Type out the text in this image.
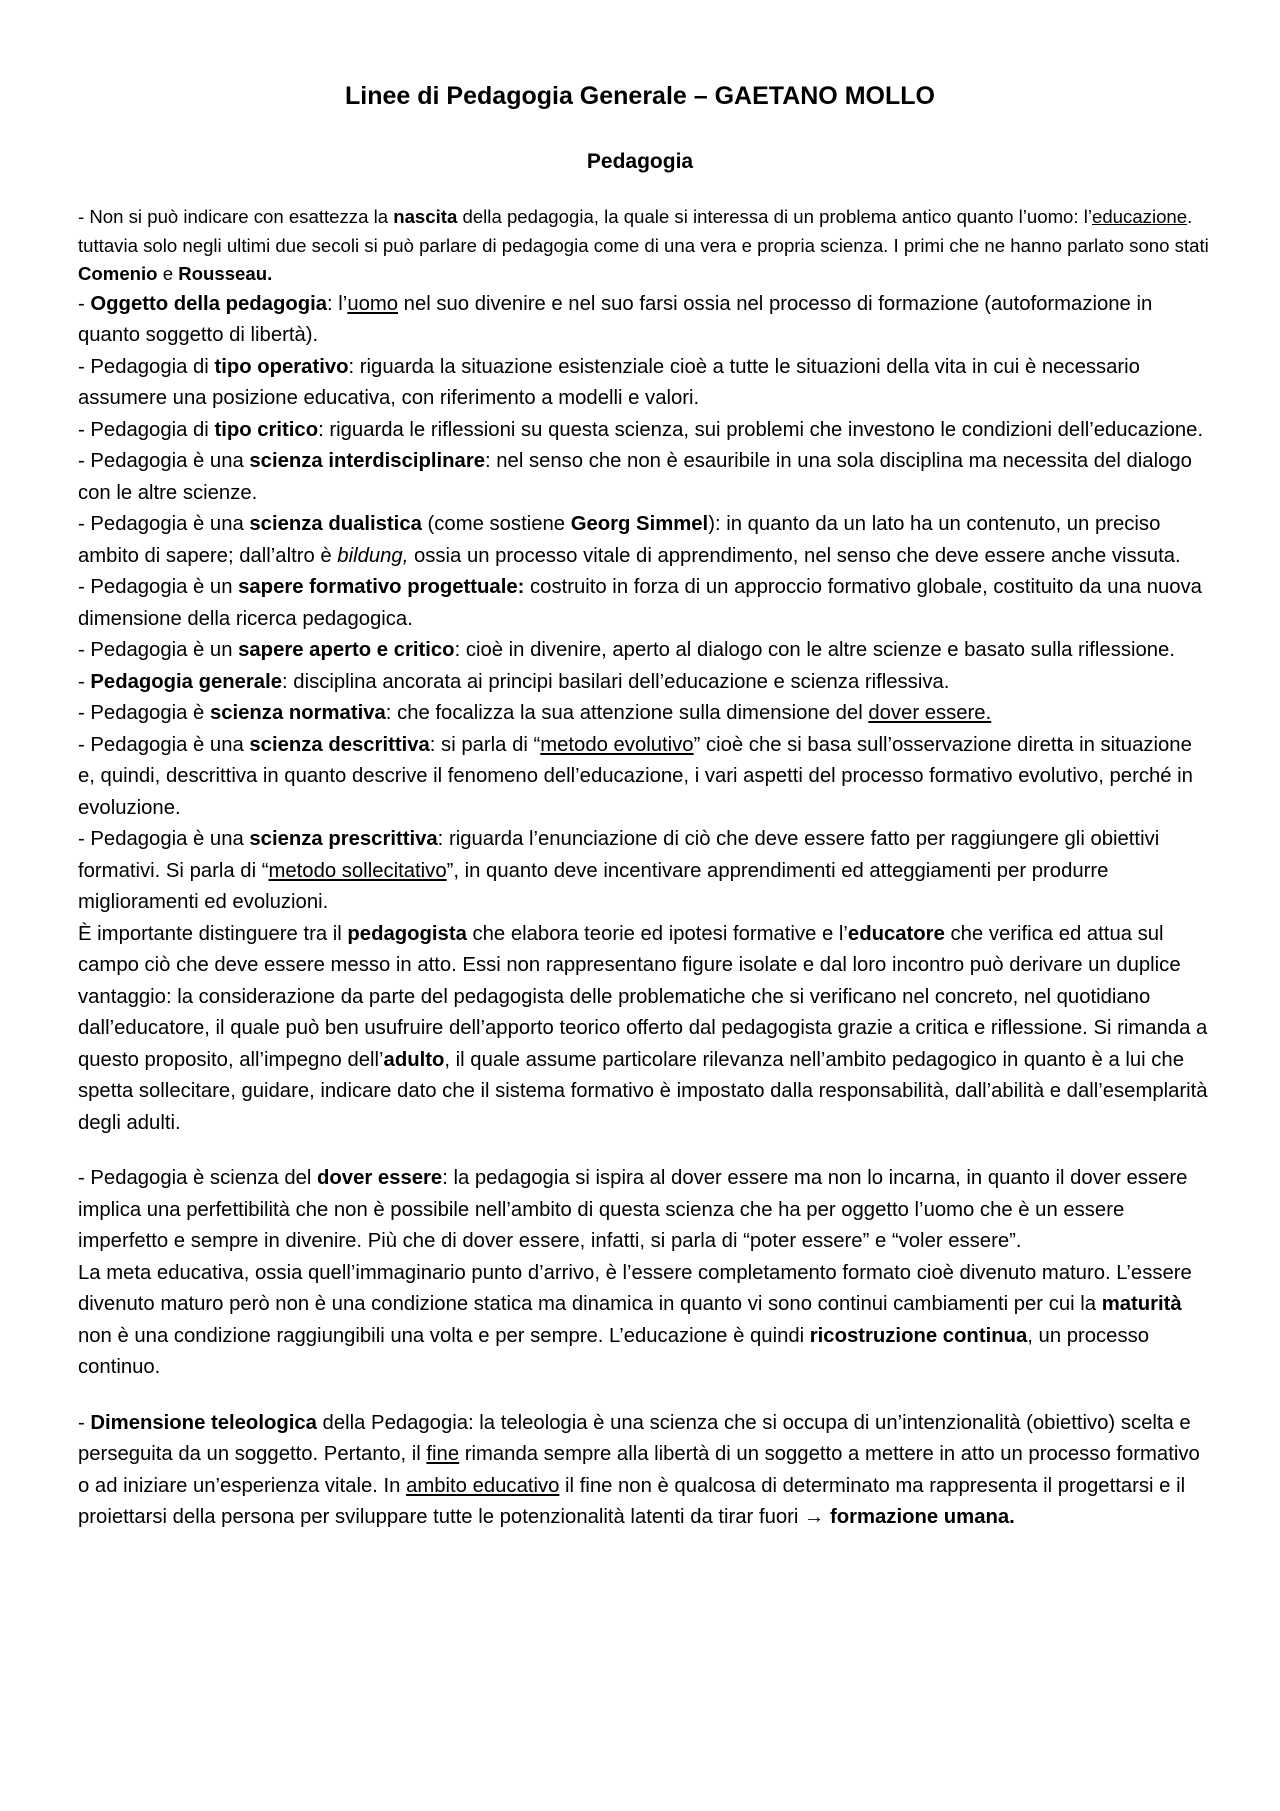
Linee di Pedagogia Generale – GAETANO MOLLO
Pedagogia

- Non si può indicare con esattezza la nascita della pedagogia, la quale si interessa di un problema antico quanto l’uomo: l’educazione. tuttavia solo negli ultimi due secoli si può parlare di pedagogia come di una vera e propria scienza. I primi che ne hanno parlato sono stati Comenio e Rousseau.

- Oggetto della pedagogia: l’uomo nel suo divenire e nel suo farsi ossia nel processo di formazione (autoformazione in quanto soggetto di libertà).

- Pedagogia di tipo operativo: riguarda la situazione esistenziale cioè a tutte le situazioni della vita in cui è necessario assumere una posizione educativa, con riferimento a modelli e valori.

- Pedagogia di tipo critico: riguarda le riflessioni su questa scienza, sui problemi che investono le condizioni dell’educazione.

- Pedagogia è una scienza interdisciplinare: nel senso che non è esauribile in una sola disciplina ma necessita del dialogo con le altre scienze.

- Pedagogia è una scienza dualistica (come sostiene Georg Simmel): in quanto da un lato ha un contenuto, un preciso ambito di sapere; dall’altro è bildung, ossia un processo vitale di apprendimento, nel senso che deve essere anche vissuta.

- Pedagogia è un sapere formativo progettuale: costruito in forza di un approccio formativo globale, costituito da una nuova dimensione della ricerca pedagogica.

- Pedagogia è un sapere aperto e critico: cioè in divenire, aperto al dialogo con le altre scienze e basato sulla riflessione.

- Pedagogia generale: disciplina ancorata ai principi basilari dell’educazione e scienza riflessiva.

- Pedagogia è scienza normativa: che focalizza la sua attenzione sulla dimensione del dover essere.

- Pedagogia è una scienza descrittiva: si parla di “metodo evolutivo” cioè che si basa sull’osservazione diretta in situazione e, quindi, descrittiva in quanto descrive il fenomeno dell’educazione, i vari aspetti del processo formativo evolutivo, perché in evoluzione.

- Pedagogia è una scienza prescrittiva: riguarda l’enunciazione di ciò che deve essere fatto per raggiungere gli obiettivi formativi. Si parla di “metodo sollecitativo”, in quanto deve incentivare apprendimenti ed atteggiamenti per produrre miglioramenti ed evoluzioni.

È importante distinguere tra il pedagogista che elabora teorie ed ipotesi formative e l’educatore che verifica ed attua sul campo ciò che deve essere messo in atto. Essi non rappresentano figure isolate e dal loro incontro può derivare un duplice vantaggio: la considerazione da parte del pedagogista delle problematiche che si verificano nel concreto, nel quotidiano dall’educatore, il quale può ben usufruire dell’apporto teorico offerto dal pedagogista grazie a critica e riflessione. Si rimanda a questo proposito, all’impegno dell’adulto, il quale assume particolare rilevanza nell’ambito pedagogico in quanto è a lui che spetta sollecitare, guidare, indicare dato che il sistema formativo è impostato dalla responsabilità, dall’abilità e dall’esemplarità degli adulti.

- Pedagogia è scienza del dover essere: la pedagogia si ispira al dover essere ma non lo incarna, in quanto il dover essere implica una perfettibilità che non è possibile nell’ambito di questa scienza che ha per oggetto l’uomo che è un essere imperfetto e sempre in divenire. Più che di dover essere, infatti, si parla di “poter essere” e “voler essere”.

La meta educativa, ossia quell’immaginario punto d’arrivo, è l’essere completamento formato cioè divenuto maturo. L’essere divenuto maturo però non è una condizione statica ma dinamica in quanto vi sono continui cambiamenti per cui la maturità non è una condizione raggiungibili una volta e per sempre. L’educazione è quindi ricostruzione continua, un processo continuo.

- Dimensione teleologica della Pedagogia: la teleologia è una scienza che si occupa di un’intenzionalità (obiettivo) scelta e perseguita da un soggetto. Pertanto, il fine rimanda sempre alla libertà di un soggetto a mettere in atto un processo formativo o ad iniziare un’esperienza vitale. In ambito educativo il fine non è qualcosa di determinato ma rappresenta il progettarsi e il proiettarsi della persona per sviluppare tutte le potenzionalità latenti da tirar fuori → formazione umana.
